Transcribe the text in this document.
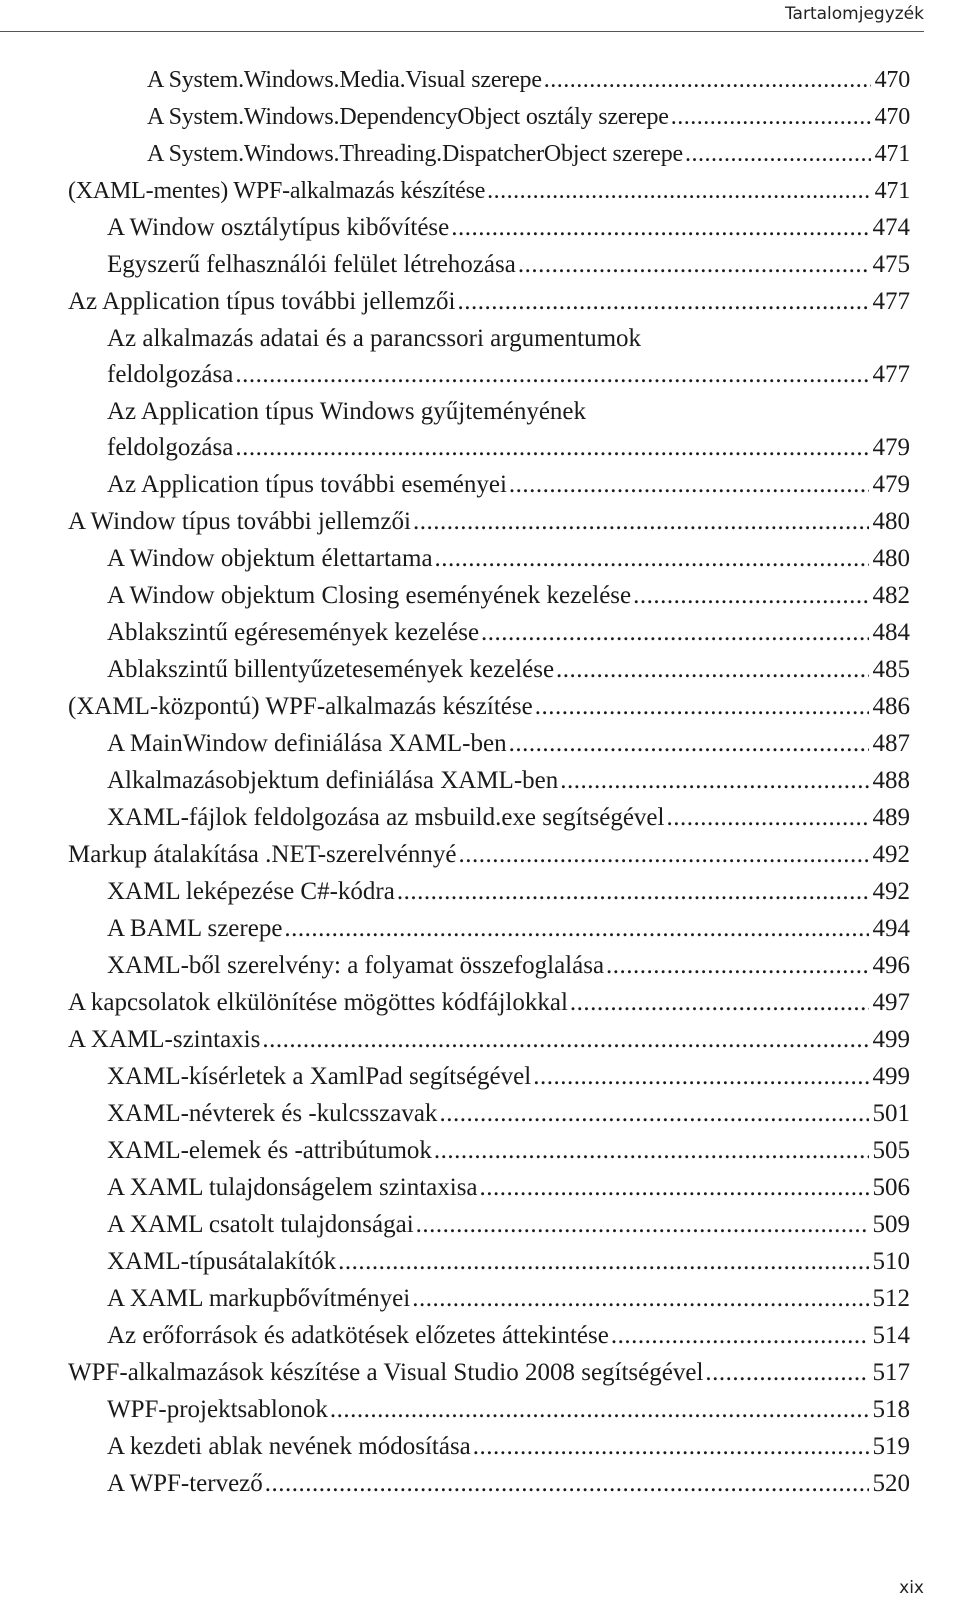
Tartalomjegyzék
A System.Windows.Media.Visual szerepe .....	470
A System.Windows.DependencyObject osztály szerepe .....	470
A System.Windows.Threading.DispatcherObject szerepe .....	471
(XAML-mentes) WPF-alkalmazás készítése .....	471
A Window osztálytípus kibővítése .....	474
Egyszerű felhasználói felület létrehozása .....	475
Az Application típus további jellemzői .....	477
Az alkalmazás adatai és a parancssori argumentumok
feldolgozása .....	477
Az Application típus Windows gyűjteményének
feldolgozása .....	479
Az Application típus további eseményei .....	479
A Window típus további jellemzői .....	480
A Window objektum élettartama .....	480
A Window objektum Closing eseményének kezelése .....	482
Ablakszintű egéresemények kezelése .....	484
Ablakszintű billentyűzetesemények kezelése .....	485
(XAML-központú) WPF-alkalmazás készítése .....	486
A MainWindow definiálása XAML-ben .....	487
Alkalmazásobjektum definiálása XAML-ben .....	488
XAML-fájlok feldolgozása az msbuild.exe segítségével .....	489
Markup átalakítása .NET-szerelvénnyé .....	492
XAML leképezése C#-kódra .....	492
A BAML szerepe .....	494
XAML-ből szerelvény: a folyamat összefoglalása .....	496
A kapcsolatok elkülönítése mögöttes kódfájlokkal .....	497
A XAML-szintaxis .....	499
XAML-kísérletek a XamlPad segítségével .....	499
XAML-névterek és -kulcsszavak .....	501
XAML-elemek és -attribútumok .....	505
A XAML tulajdonságelem szintaxisa .....	506
A XAML csatolt tulajdonságai .....	509
XAML-típusátalakítók .....	510
A XAML markupbővítményei .....	512
Az erőforrások és adatkötések előzetes áttekintése .....	514
WPF-alkalmazások készítése a Visual Studio 2008 segítségével .....	517
WPF-projektsablonok .....	518
A kezdeti ablak nevének módosítása .....	519
A WPF-tervező .....	520
xix
